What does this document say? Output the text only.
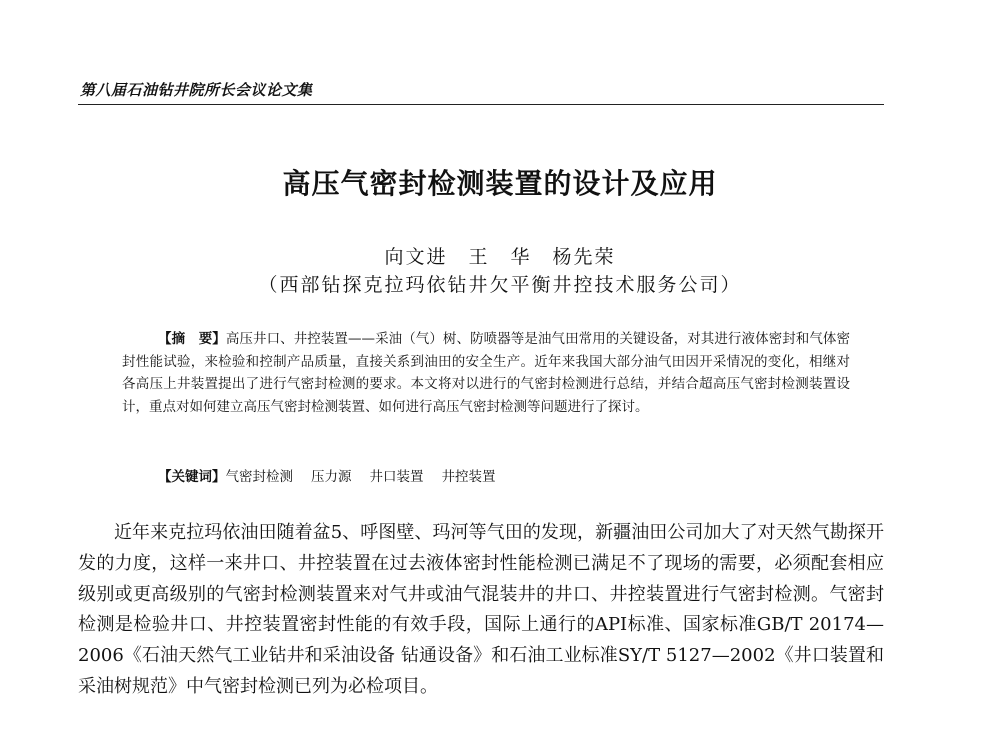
第八届石油钻井院所长会议论文集
高压气密封检测装置的设计及应用
向文进　王　华　杨先荣
（西部钻探克拉玛依钻井欠平衡井控技术服务公司）
【摘　要】高压井口、井控装置——采油（气）树、防喷器等是油气田常用的关键设备，对其进行液体密封和气体密封性能试验，来检验和控制产品质量，直接关系到油田的安全生产。近年来我国大部分油气田因开采情况的变化，相继对各高压上井装置提出了进行气密封检测的要求。本文将对以进行的气密封检测进行总结，并结合超高压气密封检测装置设计，重点对如何建立高压气密封检测装置、如何进行高压气密封检测等问题进行了探讨。
【关键词】气密封检测 压力源 井口装置 井控装置
近年来克拉玛依油田随着盆5、呼图壁、玛河等气田的发现，新疆油田公司加大了对天然气勘探开发的力度，这样一来井口、井控装置在过去液体密封性能检测已满足不了现场的需要，必须配套相应级别或更高级别的气密封检测装置来对气井或油气混装井的井口、井控装置进行气密封检测。气密封检测是检验井口、井控装置密封性能的有效手段，国际上通行的API标准、国家标准GB/T 20174—2006《石油天然气工业钻井和采油设备 钻通设备》和石油工业标准SY/T 5127—2002《井口装置和采油树规范》中气密封检测已列为必检项目。
